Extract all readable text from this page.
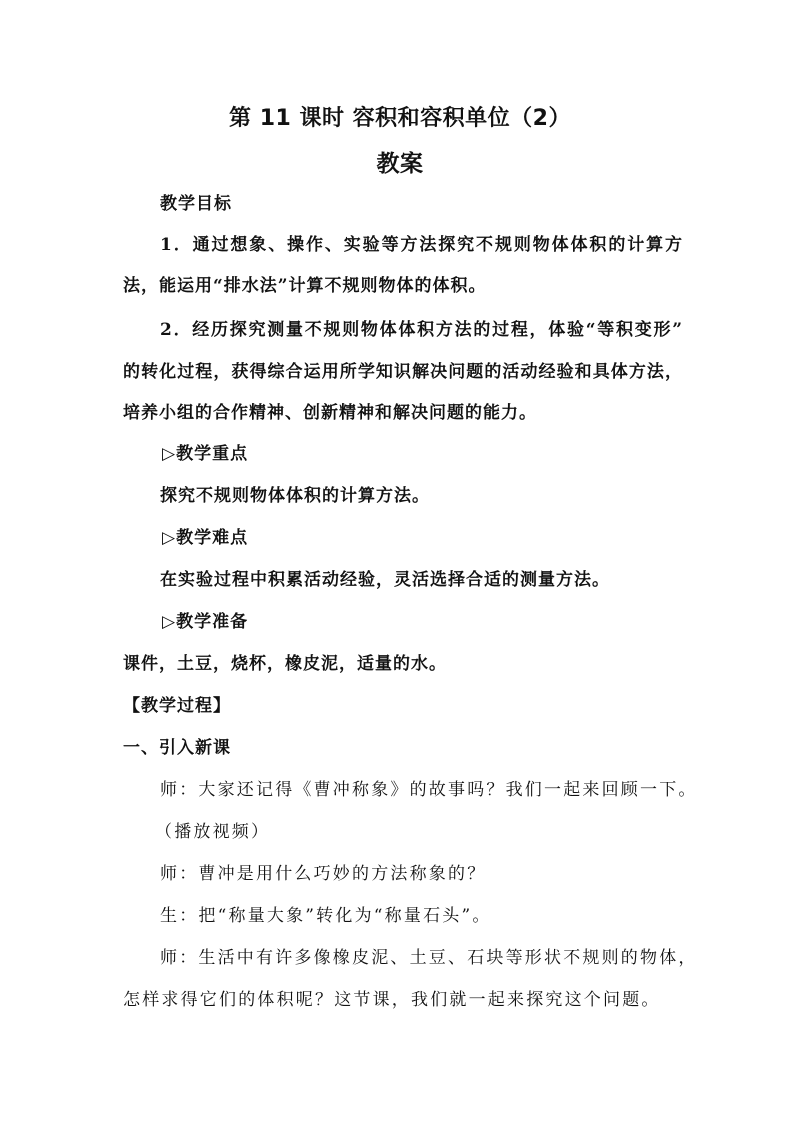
第 11 课时 容积和容积单位（2）
教案
教学目标
1．通过想象、操作、实验等方法探究不规则物体体积的计算方
法，能运用“排水法”计算不规则物体的体积。
2．经历探究测量不规则物体体积方法的过程，体验“等积变形”
的转化过程，获得综合运用所学知识解决问题的活动经验和具体方法，
培养小组的合作精神、创新精神和解决问题的能力。
▷教学重点
探究不规则物体体积的计算方法。
▷教学难点
在实验过程中积累活动经验，灵活选择合适的测量方法。
▷教学准备
课件，土豆，烧杯，橡皮泥，适量的水。
【教学过程】
一、引入新课
师：大家还记得《曹冲称象》的故事吗？我们一起来回顾一下。
（播放视频）
师：曹冲是用什么巧妙的方法称象的？
生：把“称量大象”转化为“称量石头”。
师：生活中有许多像橡皮泥、土豆、石块等形状不规则的物体，
怎样求得它们的体积呢？这节课，我们就一起来探究这个问题。
